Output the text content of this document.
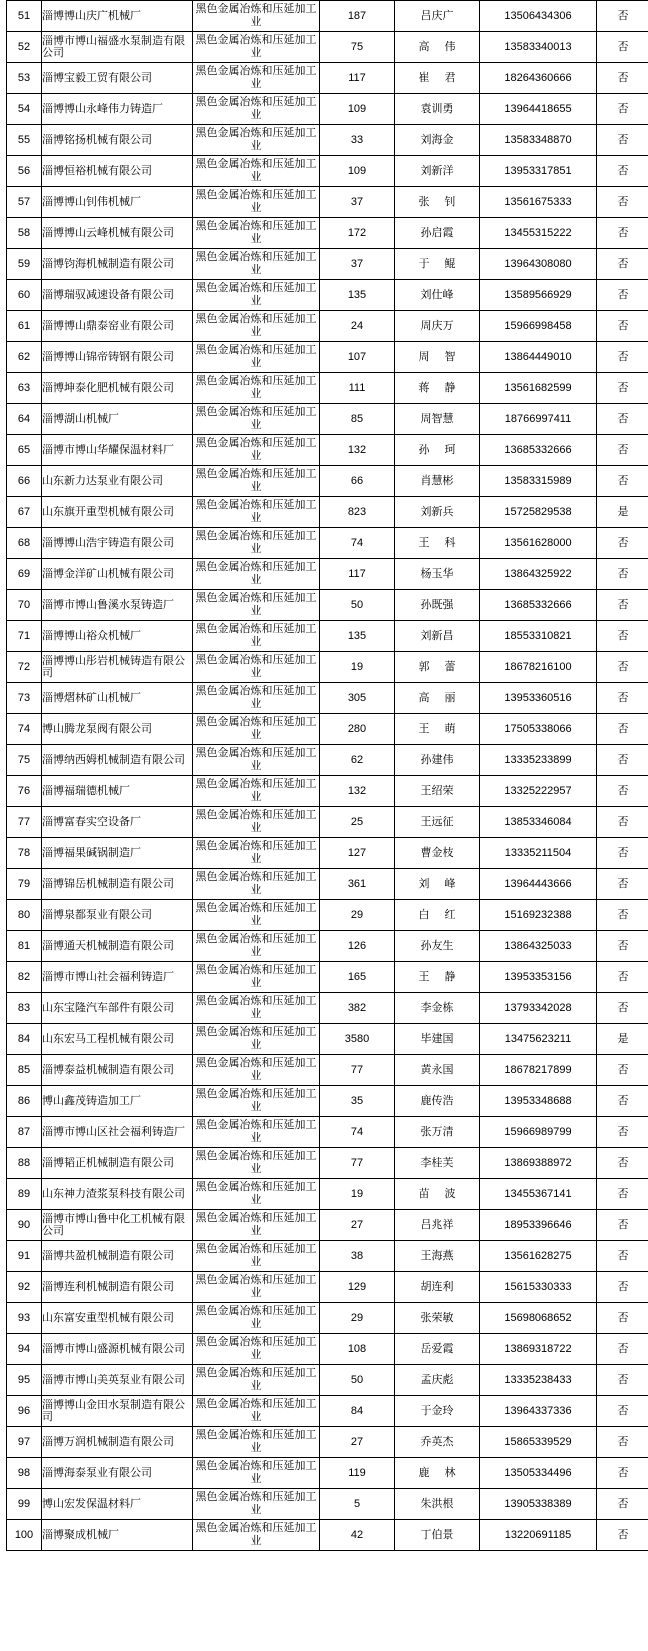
51	淄博博山庆广机械厂	黑色金属冶炼和压延加工业	187	吕庆广	13506434306	否
52	淄博市博山福盛水泵制造有限公司	黑色金属冶炼和压延加工业	75	高 伟	13583340013	否
53	淄博宝毅工贸有限公司	黑色金属冶炼和压延加工业	117	崔 君	18264360666	否
54	淄博博山永峰伟力铸造厂	黑色金属冶炼和压延加工业	109	袁训勇	13964418655	否
55	淄博铭扬机械有限公司	黑色金属冶炼和压延加工业	33	刘海金	13583348870	否
56	淄博恒裕机械有限公司	黑色金属冶炼和压延加工业	109	刘新洋	13953317851	否
57	淄博博山钊伟机械厂	黑色金属冶炼和压延加工业	37	张 钊	13561675333	否
58	淄博博山云峰机械有限公司	黑色金属冶炼和压延加工业	172	孙启霞	13455315222	否
59	淄博钧海机械制造有限公司	黑色金属冶炼和压延加工业	37	于 鲲	13964308080	否
60	淄博瑞驭减速设备有限公司	黑色金属冶炼和压延加工业	135	刘仕峰	13589566929	否
61	淄博博山鼎泰窑业有限公司	黑色金属冶炼和压延加工业	24	周庆万	15966998458	否
62	淄博博山锦帝铸钢有限公司	黑色金属冶炼和压延加工业	107	周 智	13864449010	否
63	淄博坤泰化肥机械有限公司	黑色金属冶炼和压延加工业	111	蒋 静	13561682599	否
64	淄博湖山机械厂	黑色金属冶炼和压延加工业	85	周智慧	18766997411	否
65	淄博市博山华耀保温材料厂	黑色金属冶炼和压延加工业	132	孙 珂	13685332666	否
66	山东新力达泵业有限公司	黑色金属冶炼和压延加工业	66	肖慧彬	13583315989	否
67	山东旗开重型机械有限公司	黑色金属冶炼和压延加工业	823	刘新兵	15725829538	是
68	淄博博山浩宇铸造有限公司	黑色金属冶炼和压延加工业	74	王 科	13561628000	否
69	淄博金洋矿山机械有限公司	黑色金属冶炼和压延加工业	117	杨玉华	13864325922	否
70	淄博市博山鲁溪水泵铸造厂	黑色金属冶炼和压延加工业	50	孙既强	13685332666	否
71	淄博博山裕众机械厂	黑色金属冶炼和压延加工业	135	刘新昌	18553310821	否
72	淄博博山彤岩机械铸造有限公司	黑色金属冶炼和压延加工业	19	郭 蕾	18678216100	否
73	淄博熠林矿山机械厂	黑色金属冶炼和压延加工业	305	高 丽	13953360516	否
74	博山腾龙泵阀有限公司	黑色金属冶炼和压延加工业	280	王 萌	17505338066	否
75	淄博纳西姆机械制造有限公司	黑色金属冶炼和压延加工业	62	孙建伟	13335233899	否
76	淄博福瑞德机械厂	黑色金属冶炼和压延加工业	132	王绍荣	13325222957	否
77	淄博富春实空设备厂	黑色金属冶炼和压延加工业	25	王远征	13853346084	否
78	淄博福果碱锅制造厂	黑色金属冶炼和压延加工业	127	曹金枝	13335211504	否
79	淄博锦岳机械制造有限公司	黑色金属冶炼和压延加工业	361	刘 峰	13964443666	否
80	淄博泉都泵业有限公司	黑色金属冶炼和压延加工业	29	白 红	15169232388	否
81	淄博通天机械制造有限公司	黑色金属冶炼和压延加工业	126	孙友生	13864325033	否
82	淄博市博山社会福利铸造厂	黑色金属冶炼和压延加工业	165	王 静	13953353156	否
83	山东宝隆汽车部件有限公司	黑色金属冶炼和压延加工业	382	李金栋	13793342028	否
84	山东宏马工程机械有限公司	黑色金属冶炼和压延加工业	3580	毕建国	13475623211	是
85	淄博泰益机械制造有限公司	黑色金属冶炼和压延加工业	77	黄永国	18678217899	否
86	博山鑫茂铸造加工厂	黑色金属冶炼和压延加工业	35	鹿传浩	13953348688	否
87	淄博市博山区社会福利铸造厂	黑色金属冶炼和压延加工业	74	张万清	15966989799	否
88	淄博韬正机械制造有限公司	黑色金属冶炼和压延加工业	77	李桂芙	13869388972	否
89	山东神力渣浆泵科技有限公司	黑色金属冶炼和压延加工业	19	苗 波	13455367141	否
90	淄博市博山鲁中化工机械有限公司	黑色金属冶炼和压延加工业	27	吕兆祥	18953396646	否
91	淄博共盈机械制造有限公司	黑色金属冶炼和压延加工业	38	王海燕	13561628275	否
92	淄博连利机械制造有限公司	黑色金属冶炼和压延加工业	129	胡连利	15615330333	否
93	山东富安重型机械有限公司	黑色金属冶炼和压延加工业	29	张荣敏	15698068652	否
94	淄博市博山盛源机械有限公司	黑色金属冶炼和压延加工业	108	岳爱霞	13869318722	否
95	淄博市博山美英泵业有限公司	黑色金属冶炼和压延加工业	50	孟庆彪	13335238433	否
96	淄博博山金田水泵制造有限公司	黑色金属冶炼和压延加工业	84	于金玲	13964337336	否
97	淄博万润机械制造有限公司	黑色金属冶炼和压延加工业	27	乔英杰	15865339529	否
98	淄博海泰泵业有限公司	黑色金属冶炼和压延加工业	119	鹿 林	13505334496	否
99	博山宏发保温材料厂	黑色金属冶炼和压延加工业	5	朱洪根	13905338389	否
100	淄博聚成机械厂	黑色金属冶炼和压延加工业	42	丁伯景	13220691185	否
